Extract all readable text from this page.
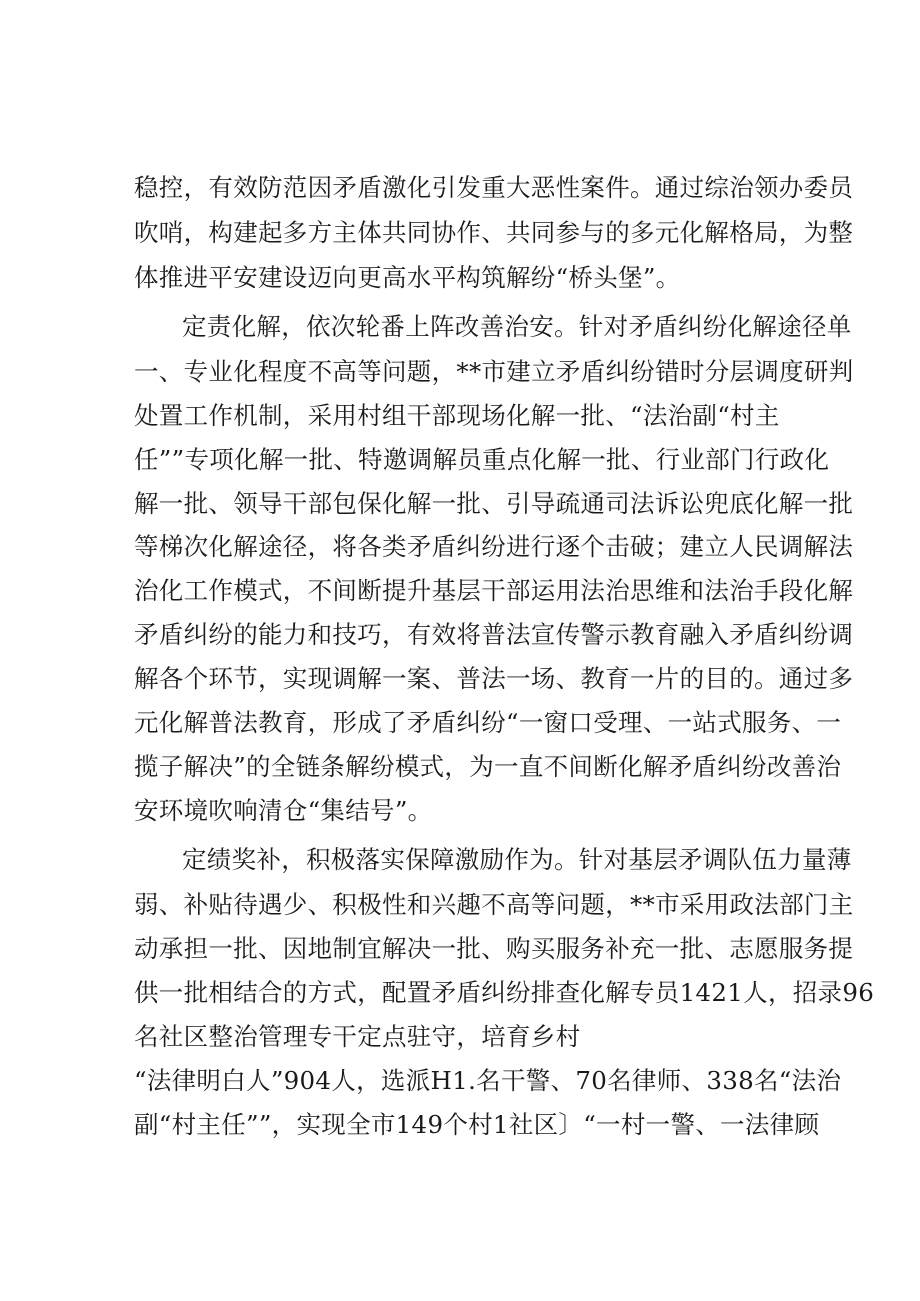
稳控，有效防范因矛盾激化引发重大恶性案件。通过综治领办委员
吹哨，构建起多方主体共同协作、共同参与的多元化解格局，为整
体推进平安建设迈向更高水平构筑解纷“桥头堡”。
定责化解，依次轮番上阵改善治安。针对矛盾纠纷化解途径单
一、专业化程度不高等问题，**市建立矛盾纠纷错时分层调度研判
处置工作机制，采用村组干部现场化解一批、“法治副“村主
任””专项化解一批、特邀调解员重点化解一批、行业部门行政化
解一批、领导干部包保化解一批、引导疏通司法诉讼兜底化解一批
等梯次化解途径，将各类矛盾纠纷进行逐个击破；建立人民调解法
治化工作模式，不间断提升基层干部运用法治思维和法治手段化解
矛盾纠纷的能力和技巧，有效将普法宣传警示教育融入矛盾纠纷调
解各个环节，实现调解一案、普法一场、教育一片的目的。通过多
元化解普法教育，形成了矛盾纠纷“一窗口受理、一站式服务、一
揽子解决”的全链条解纷模式，为一直不间断化解矛盾纠纷改善治
安环境吹响清仓“集结号”。
定绩奖补，积极落实保障激励作为。针对基层矛调队伍力量薄
弱、补贴待遇少、积极性和兴趣不高等问题，**市采用政法部门主
动承担一批、因地制宜解决一批、购买服务补充一批、志愿服务提
供一批相结合的方式，配置矛盾纠纷排查化解专员1421人，招录96
名社区整治管理专干定点驻守，培育乡村
“法律明白人”904人，选派H1.名干警、70名律师、338名“法治
副“村主任””，实现全市149个村1社区〕“一村一警、一法律顾
